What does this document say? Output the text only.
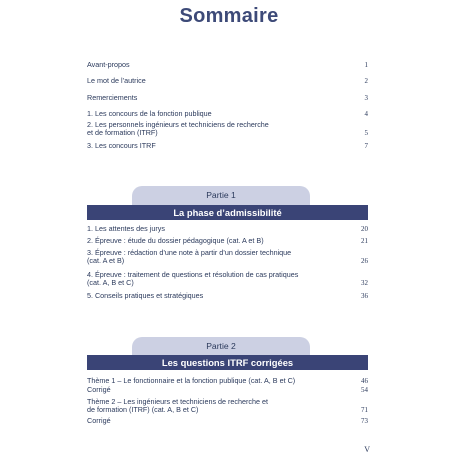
Sommaire
Avant-propos	1
Le mot de l’autrice	2
Remerciements	3
1. Les concours de la fonction publique	4
2. Les personnels ingénieurs et techniciens de recherche
et de formation (ITRF)	5
3. Les concours ITRF	7
Partie 1
La phase d’admissibilité
1. Les attentes des jurys	20
2. Épreuve : étude du dossier pédagogique (cat. A et B)	21
3. Épreuve : rédaction d’une note à partir d’un dossier technique
(cat. A et B)	26
4. Épreuve : traitement de questions et résolution de cas pratiques
(cat. A, B et C)	32
5. Conseils pratiques et stratégiques	36
Partie 2
Les questions ITRF corrigées
Thème 1 – Le fonctionnaire et la fonction publique (cat. A, B et C)	46
Corrigé	54
Thème 2 – Les ingénieurs et techniciens de recherche et
de formation (ITRF) (cat. A, B et C)	71
Corrigé	73
V
